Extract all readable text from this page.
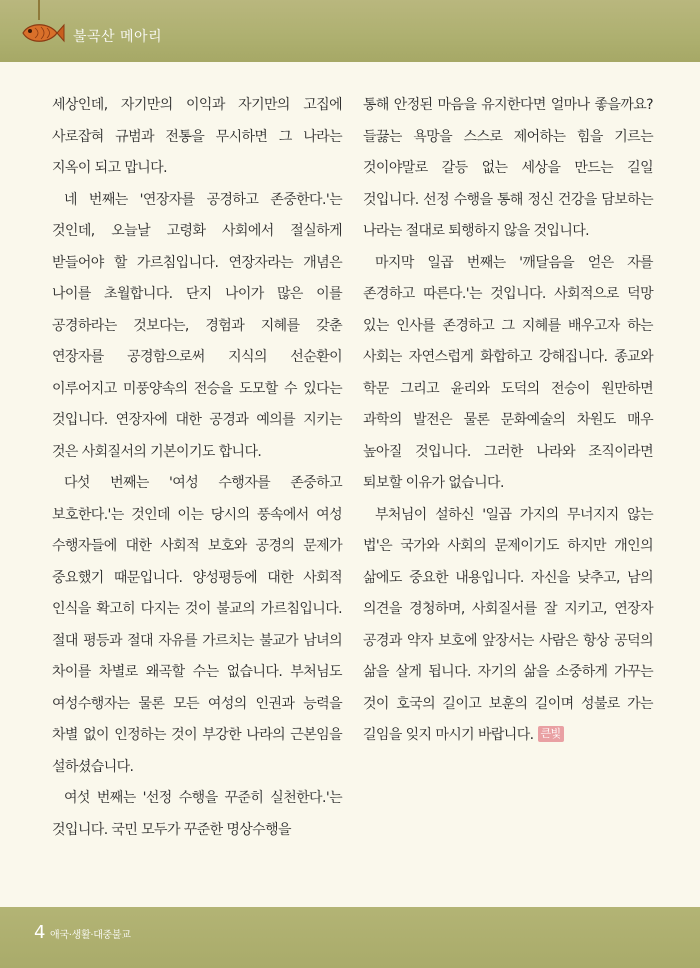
불곡산 메아리

세상인데, 자기만의 이익과 자기만의 고집에 사로잡혀 규범과 전통을 무시하면 그 나라는 지옥이 되고 맙니다.

네 번째는 '연장자를 공경하고 존중한다.'는 것인데, 오늘날 고령화 사회에서 절실하게 받들어야 할 가르침입니다. 연장자라는 개념은 나이를 초월합니다. 단지 나이가 많은 이를 공경하라는 것보다는, 경험과 지혜를 갖춘 연장자를 공경함으로써 지식의 선순환이 이루어지고 미풍양속의 전승을 도모할 수 있다는 것입니다. 연장자에 대한 공경과 예의를 지키는 것은 사회질서의 기본이기도 합니다.

다섯 번째는 '여성 수행자를 존중하고 보호한다.'는 것인데 이는 당시의 풍속에서 여성 수행자들에 대한 사회적 보호와 공경의 문제가 중요했기 때문입니다. 양성평등에 대한 사회적 인식을 확고히 다지는 것이 불교의 가르침입니다. 절대 평등과 절대 자유를 가르치는 불교가 남녀의 차이를 차별로 왜곡할 수는 없습니다. 부처님도 여성수행자는 물론 모든 여성의 인권과 능력을 차별 없이 인정하는 것이 부강한 나라의 근본임을 설하셨습니다.

여섯 번째는 '선정 수행을 꾸준히 실천한다.'는 것입니다. 국민 모두가 꾸준한 명상수행을

통해 안정된 마음을 유지한다면 얼마나 좋을까요? 들끓는 욕망을 스스로 제어하는 힘을 기르는 것이야말로 갈등 없는 세상을 만드는 길일 것입니다. 선정 수행을 통해 정신 건강을 담보하는 나라는 절대로 퇴행하지 않을 것입니다.

마지막 일곱 번째는 '깨달음을 얻은 자를 존경하고 따른다.'는 것입니다. 사회적으로 덕망 있는 인사를 존경하고 그 지혜를 배우고자 하는 사회는 자연스럽게 화합하고 강해집니다. 종교와 학문 그리고 윤리와 도덕의 전승이 원만하면 과학의 발전은 물론 문화예술의 차원도 매우 높아질 것입니다. 그러한 나라와 조직이라면 퇴보할 이유가 없습니다.

부처님이 설하신 '일곱 가지의 무너지지 않는 법'은 국가와 사회의 문제이기도 하지만 개인의 삶에도 중요한 내용입니다. 자신을 낮추고, 남의 의견을 경청하며, 사회질서를 잘 지키고, 연장자 공경과 약자 보호에 앞장서는 사람은 항상 공덕의 삶을 살게 됩니다. 자기의 삶을 소중하게 가꾸는 것이 호국의 길이고 보훈의 길이며 성불로 가는 길임을 잊지 마시기 바랍니다. 큰빛

4 애국·생활·대중불교
